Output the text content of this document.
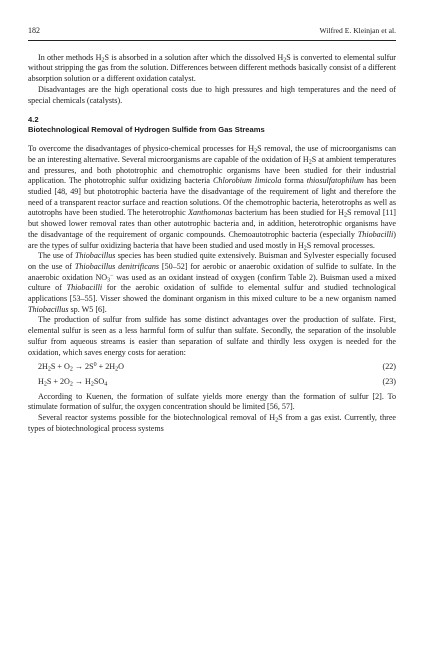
182	Wilfred E. Kleinjan et al.

In other methods $H_2S$ is absorbed in a solution after which the dissolved $H_2S$ is converted to elemental sulfur without stripping the gas from the solution. Differences between different methods basically consist of a different absorption solution or a different oxidation catalyst.

Disadvantages are the high operational costs due to high pressures and high temperatures and the need of special chemicals (catalysts).

4.2
Biotechnological Removal of Hydrogen Sulfide from Gas Streams

To overcome the disadvantages of physico-chemical processes for $H_2S$ removal, the use of microorganisms can be an interesting alternative. Several microorganisms are capable of the oxidation of $H_2S$ at ambient temperatures and pressures, and both phototrophic and chemotrophic organisms have been studied for their industrial application. The phototrophic sulfur oxidizing bacteria Chlorobium limicola forma thiosulfatophilum has been studied [48, 49] but phototrophic bacteria have the disadvantage of the requirement of light and therefore the need of a transparent reactor surface and reaction solutions. Of the chemotrophic bacteria, heterotrophs as well as autotrophs have been studied. The heterotrophic Xanthomonas bacterium has been studied for $H_2S$ removal [11] but showed lower removal rates than other autotrophic bacteria and, in addition, heterotrophic organisms have the disadvantage of the requirement of organic compounds. Chemoautotrophic bacteria (especially Thiobacilli) are the types of sulfur oxidizing bacteria that have been studied and used mostly in $H_2S$ removal processes.

The use of Thiobacillus species has been studied quite extensively. Buisman and Sylvester especially focused on the use of Thiobacillus denitrificans [50–52] for aerobic or anaerobic oxidation of sulfide to sulfate. In the anaerobic oxidation $NO_3^-$ was used as an oxidant instead of oxygen (confirm Table 2). Buisman used a mixed culture of Thiobacilli for the aerobic oxidation of sulfide to elemental sulfur and studied technological applications [53–55]. Visser showed the dominant organism in this mixed culture to be a new organism named Thiobacillus sp. W5 [6].

The production of sulfur from sulfide has some distinct advantages over the production of sulfate. First, elemental sulfur is seen as a less harmful form of sulfur than sulfate. Secondly, the separation of the insoluble sulfur from aqueous streams is easier than separation of sulfate and thirdly less oxygen is needed for the oxidation, which saves energy costs for aeration:

$2H_2S + O_2 \to 2S^0 + 2H_2O$	(22)
$H_2S + 2O_2 \to H_2SO_4$	(23)

According to Kuenen, the formation of sulfate yields more energy than the formation of sulfur [2]. To stimulate formation of sulfur, the oxygen concentration should be limited [56, 57].

Several reactor systems possible for the biotechnological removal of $H_2S$ from a gas exist. Currently, three types of biotechnological process systems
